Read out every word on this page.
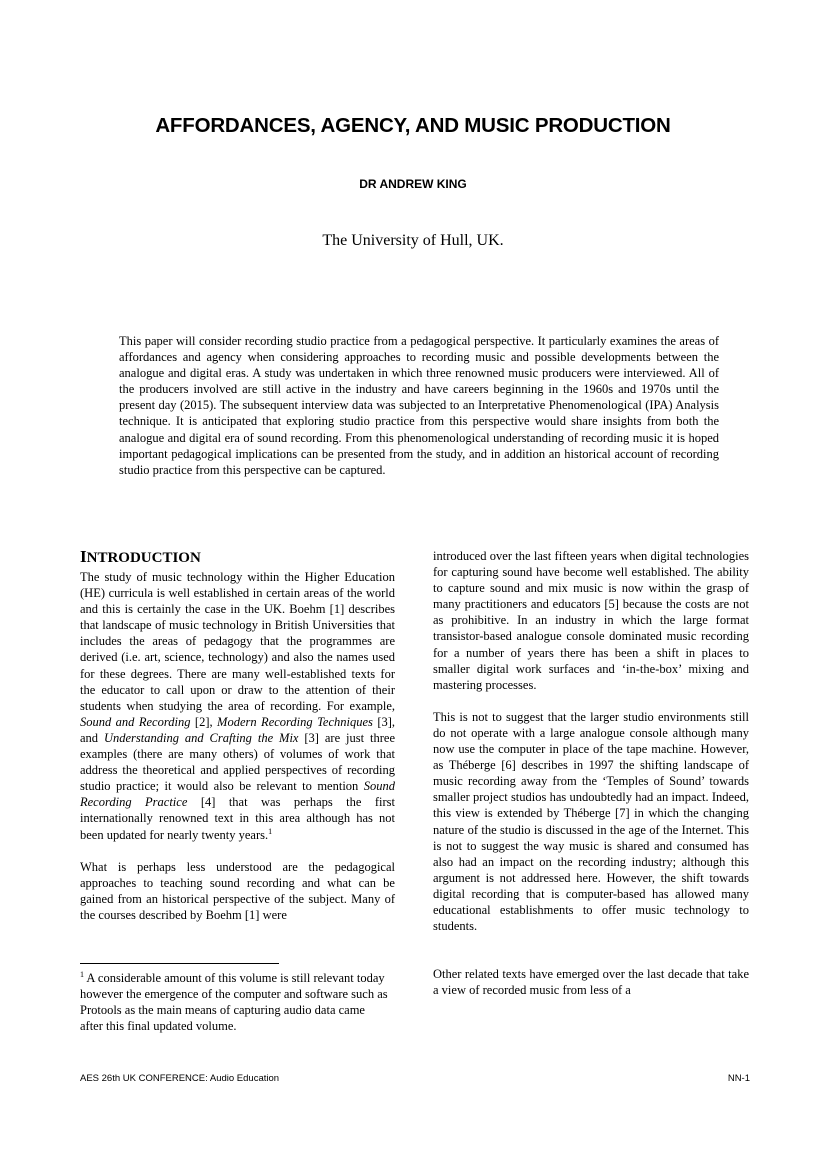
AFFORDANCES, AGENCY, AND MUSIC PRODUCTION
DR ANDREW KING
The University of Hull, UK.

This paper will consider recording studio practice from a pedagogical perspective. It particularly examines the areas of affordances and agency when considering approaches to recording music and possible developments between the analogue and digital eras. A study was undertaken in which three renowned music producers were interviewed. All of the producers involved are still active in the industry and have careers beginning in the 1960s and 1970s until the present day (2015). The subsequent interview data was subjected to an Interpretative Phenomenological (IPA) Analysis technique. It is anticipated that exploring studio practice from this perspective would share insights from both the analogue and digital era of sound recording. From this phenomenological understanding of recording music it is hoped important pedagogical implications can be presented from the study, and in addition an historical account of recording studio practice from this perspective can be captured.

INTRODUCTION

The study of music technology within the Higher Education (HE) curricula is well established in certain areas of the world and this is certainly the case in the UK. Boehm [1] describes that landscape of music technology in British Universities that includes the areas of pedagogy that the programmes are derived (i.e. art, science, technology) and also the names used for these degrees. There are many well-established texts for the educator to call upon or draw to the attention of their students when studying the area of recording. For example, Sound and Recording [2], Modern Recording Techniques [3], and Understanding and Crafting the Mix [3] are just three examples (there are many others) of volumes of work that address the theoretical and applied perspectives of recording studio practice; it would also be relevant to mention Sound Recording Practice [4] that was perhaps the first internationally renowned text in this area although has not been updated for nearly twenty years.$^1$

What is perhaps less understood are the pedagogical approaches to teaching sound recording and what can be gained from an historical perspective of the subject. Many of the courses described by Boehm [1] were

introduced over the last fifteen years when digital technologies for capturing sound have become well established. The ability to capture sound and mix music is now within the grasp of many practitioners and educators [5] because the costs are not as prohibitive. In an industry in which the large format transistor-based analogue console dominated music recording for a number of years there has been a shift in places to smaller digital work surfaces and ‘in-the-box’ mixing and mastering processes.

This is not to suggest that the larger studio environments still do not operate with a large analogue console although many now use the computer in place of the tape machine. However, as Théberge [6] describes in 1997 the shifting landscape of music recording away from the ‘Temples of Sound’ towards smaller project studios has undoubtedly had an impact. Indeed, this view is extended by Théberge [7] in which the changing nature of the studio is discussed in the age of the Internet. This is not to suggest the way music is shared and consumed has also had an impact on the recording industry; although this argument is not addressed here. However, the shift towards digital recording that is computer-based has allowed many educational establishments to offer music technology to students.

Other related texts have emerged over the last decade that take a view of recorded music from less of a

$^1$ A considerable amount of this volume is still relevant today however the emergence of the computer and software such as Protools as the main means of capturing audio data came after this final updated volume.

AES 26th UK CONFERENCE: Audio Education	NN-1
